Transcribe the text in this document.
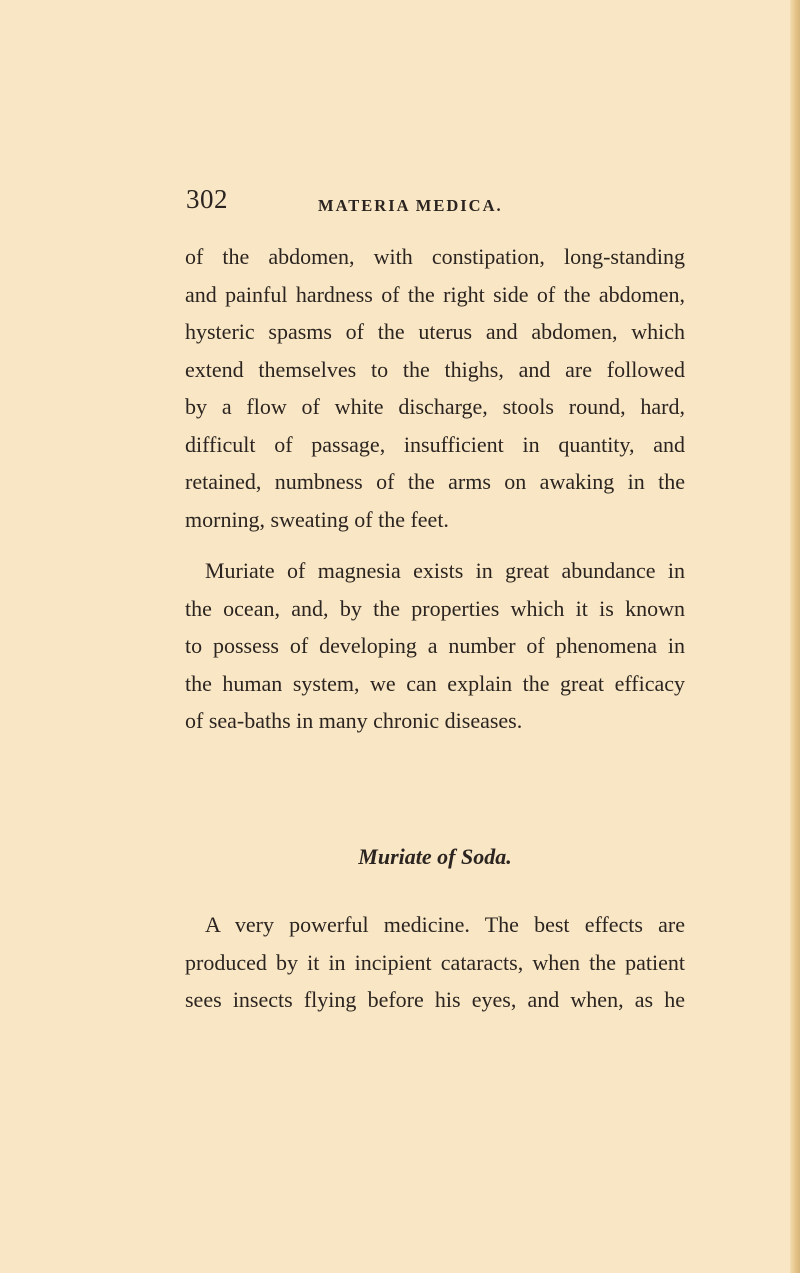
302	MATERIA MEDICA.

of the abdomen, with constipation, long-standing
and painful hardness of the right side of the abdomen,
hysteric spasms of the uterus and abdomen, which
extend themselves to the thighs, and are followed
by a flow of white discharge, stools round, hard,
difficult of passage, insufficient in quantity, and
retained, numbness of the arms on awaking in the
morning, sweating of the feet.

Muriate of magnesia exists in great abundance in
the ocean, and, by the properties which it is known
to possess of developing a number of phenomena in
the human system, we can explain the great efficacy
of sea-baths in many chronic diseases.

Muriate of Soda.

A very powerful medicine. The best effects are
produced by it in incipient cataracts, when the patient
sees insects flying before his eyes, and when, as he
